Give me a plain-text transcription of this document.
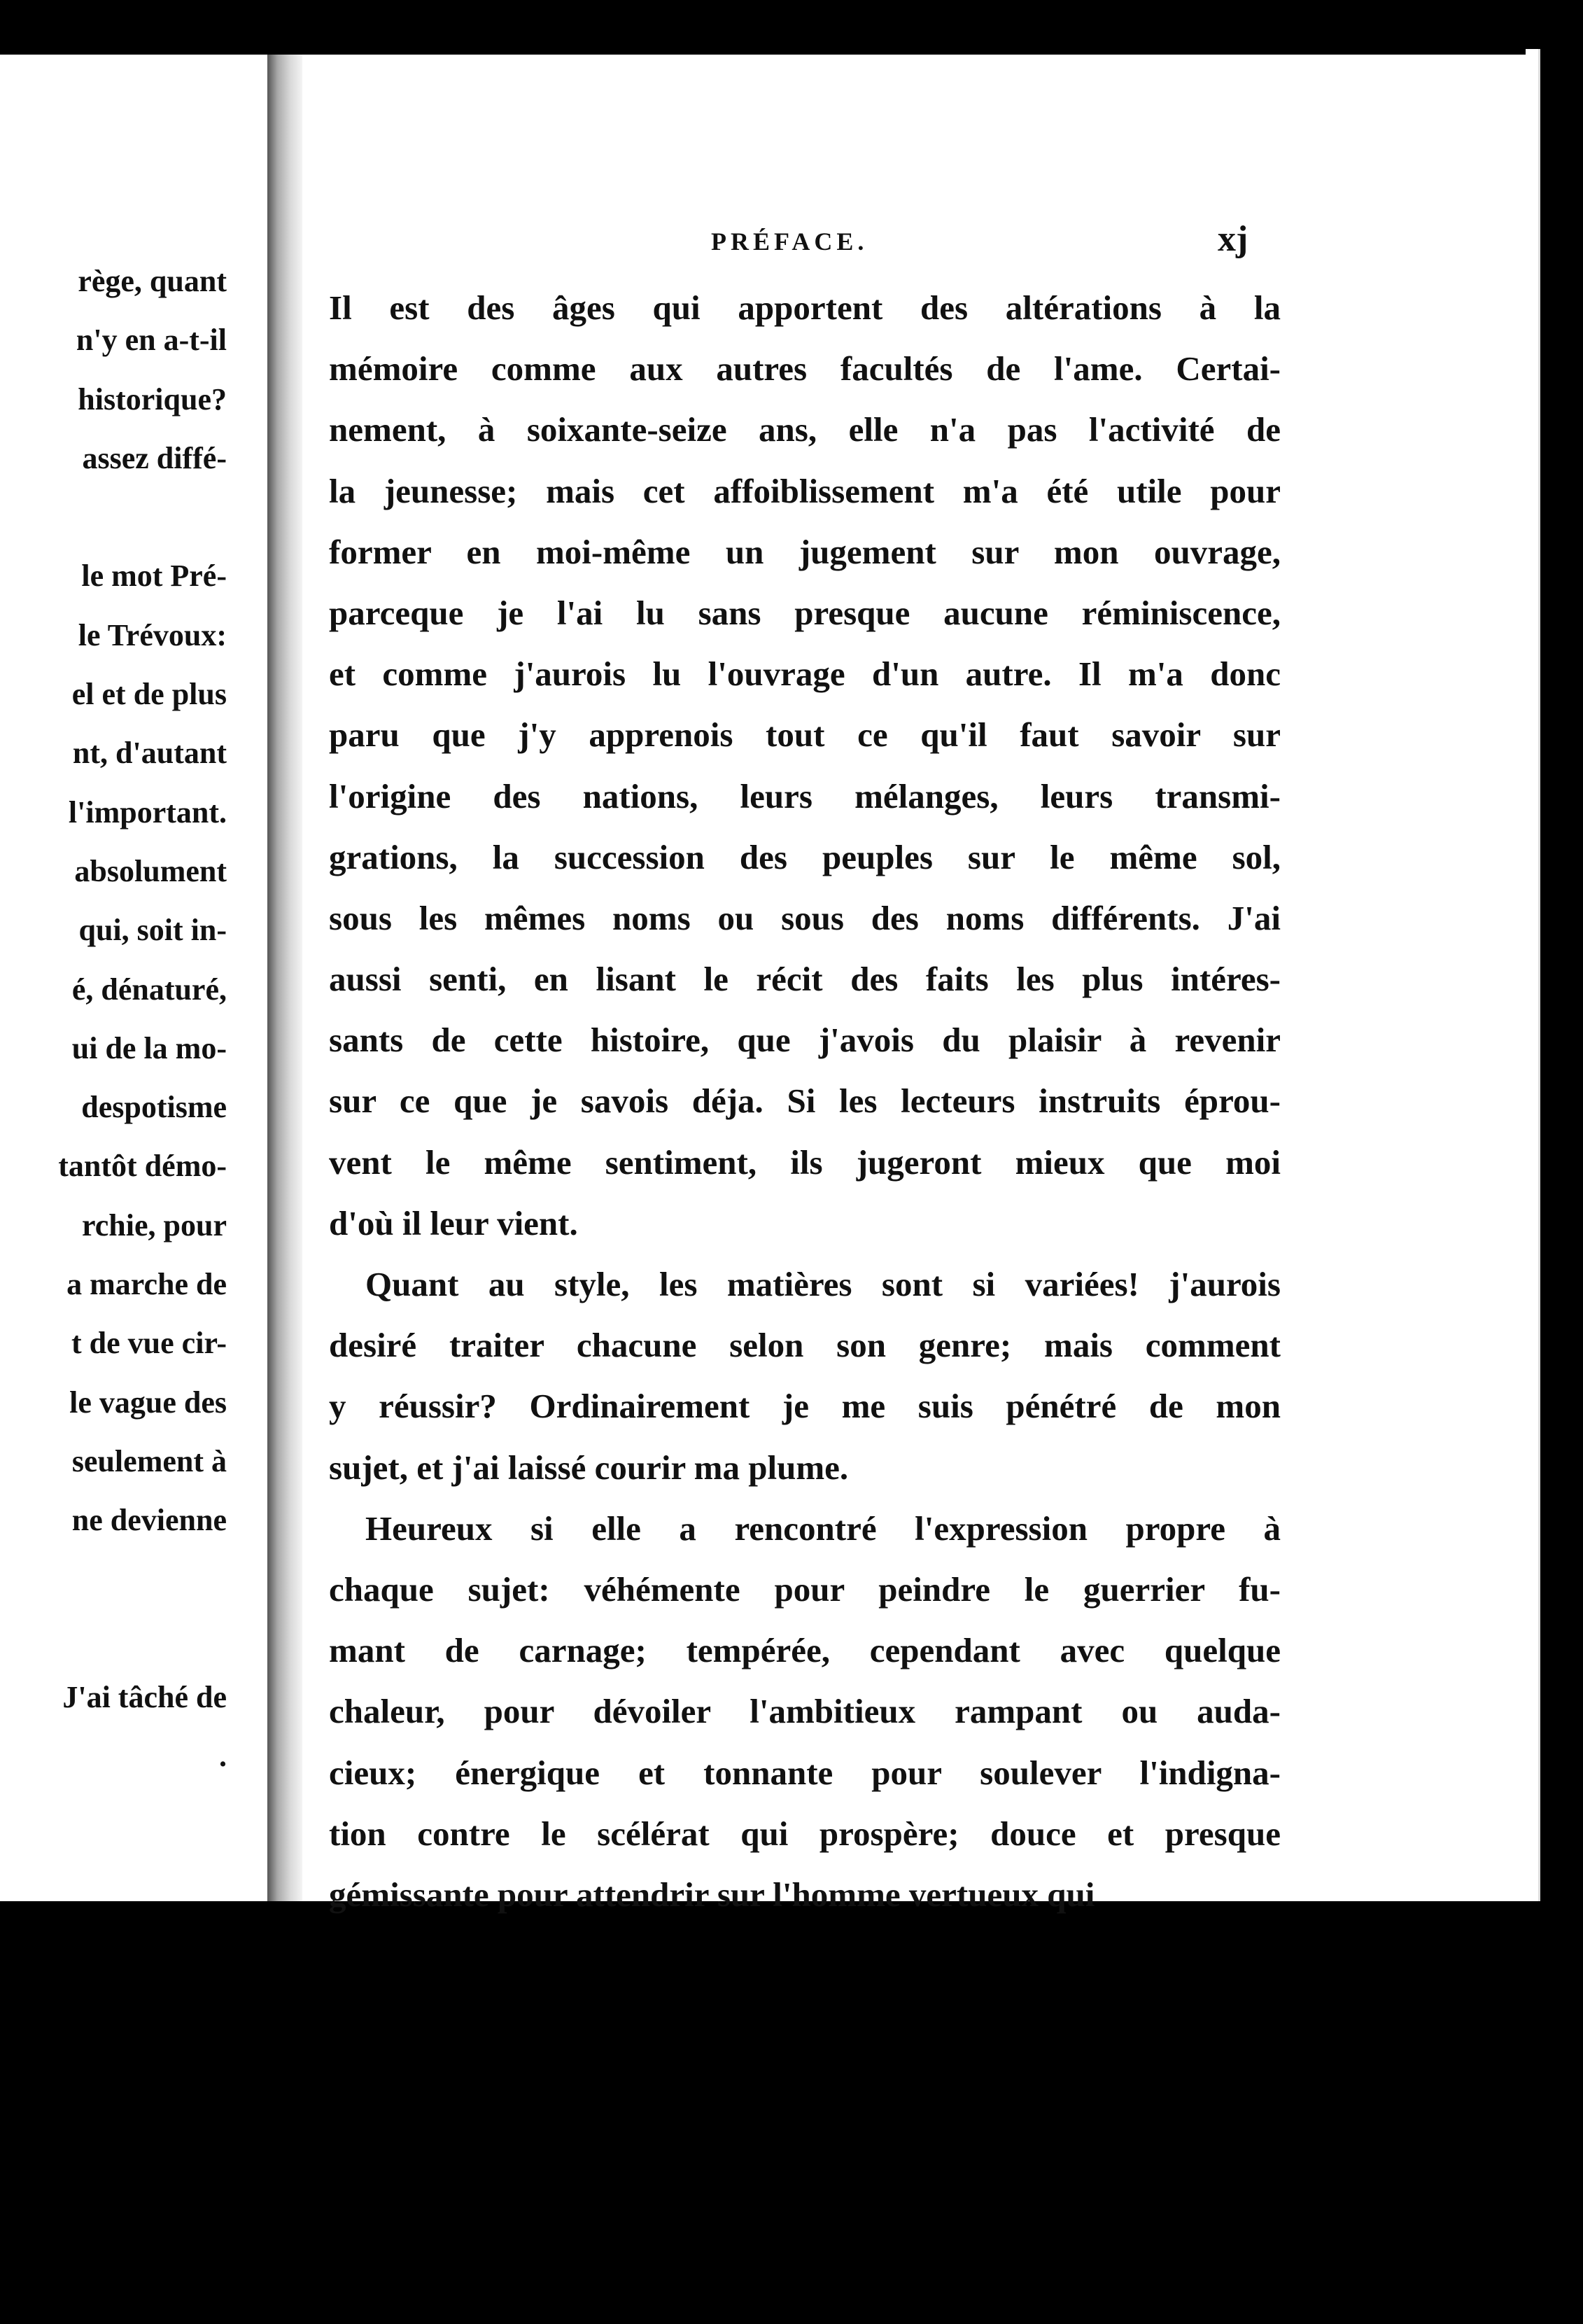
rège, quant
n'y en a-t-il
historique?
assez diffé-
le mot Pré-
le Trévoux:
el et de plus
nt, d'autant
l'important.
absolument
qui, soit in-
é, dénaturé,
ui de la mo-
despotisme
tantôt démo-
rchie, pour
a marche de
t de vue cir-
le vague des
seulement à
ne devienne
J'ai tâché de
.
PRÉFACE.	xj
Il est des âges qui apportent des altérations à la
mémoire comme aux autres facultés de l'ame. Certai-
nement, à soixante-seize ans, elle n'a pas l'activité de
la jeunesse; mais cet affoiblissement m'a été utile pour
former en moi-même un jugement sur mon ouvrage,
parceque je l'ai lu sans presque aucune réminiscence,
et comme j'aurois lu l'ouvrage d'un autre. Il m'a donc
paru que j'y apprenois tout ce qu'il faut savoir sur
l'origine des nations, leurs mélanges, leurs transmi-
grations, la succession des peuples sur le même sol,
sous les mêmes noms ou sous des noms différents. J'ai
aussi senti, en lisant le récit des faits les plus intéres-
sants de cette histoire, que j'avois du plaisir à revenir
sur ce que je savois déja. Si les lecteurs instruits éprou-
vent le même sentiment, ils jugeront mieux que moi
d'où il leur vient.
Quant au style, les matières sont si variées! j'aurois
desiré traiter chacune selon son genre; mais comment
y réussir? Ordinairement je me suis pénétré de mon
sujet, et j'ai laissé courir ma plume.
Heureux si elle a rencontré l'expression propre à
chaque sujet: véhémente pour peindre le guerrier fu-
mant de carnage; tempérée, cependant avec quelque
chaleur, pour dévoiler l'ambitieux rampant ou auda-
cieux; énergique et tonnante pour soulever l'indigna-
tion contre le scélérat qui prospère; douce et presque
gémissante pour attendrir sur l'homme vertueux qui
